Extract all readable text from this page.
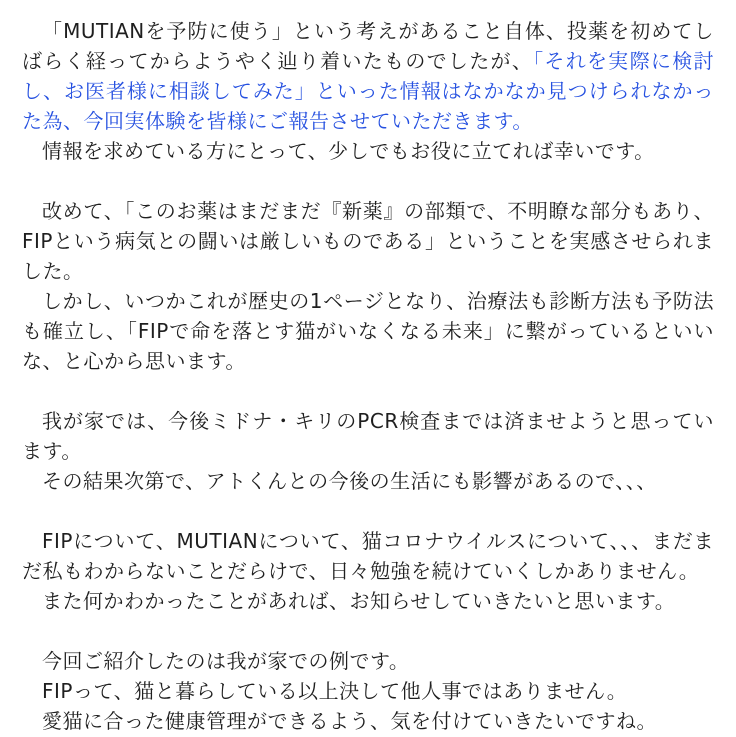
「MUTIANを予防に使う」という考えがあること自体、投薬を初めてしばらく経ってからようやく辿り着いたものでしたが、「それを実際に検討し、お医者様に相談してみた」といった情報はなかなか見つけられなかった為、今回実体験を皆様にご報告させていただきます。

情報を求めている方にとって、少しでもお役に立てれば幸いです。

改めて、「このお薬はまだまだ『新薬』の部類で、不明瞭な部分もあり、FIPという病気との闘いは厳しいものである」ということを実感させられました。

しかし、いつかこれが歴史の1ページとなり、治療法も診断方法も予防法も確立し、「FIPで命を落とす猫がいなくなる未来」に繋がっているといいな、と心から思います。

我が家では、今後ミドナ・キリのPCR検査までは済ませようと思っています。

その結果次第で、アトくんとの今後の生活にも影響があるので、、、

FIPについて、MUTIANについて、猫コロナウイルスについて、、、まだまだ私もわからないことだらけで、日々勉強を続けていくしかありません。

また何かわかったことがあれば、お知らせしていきたいと思います。

今回ご紹介したのは我が家での例です。

FIPって、猫と暮らしている以上決して他人事ではありません。

愛猫に合った健康管理ができるよう、気を付けていきたいですね。
